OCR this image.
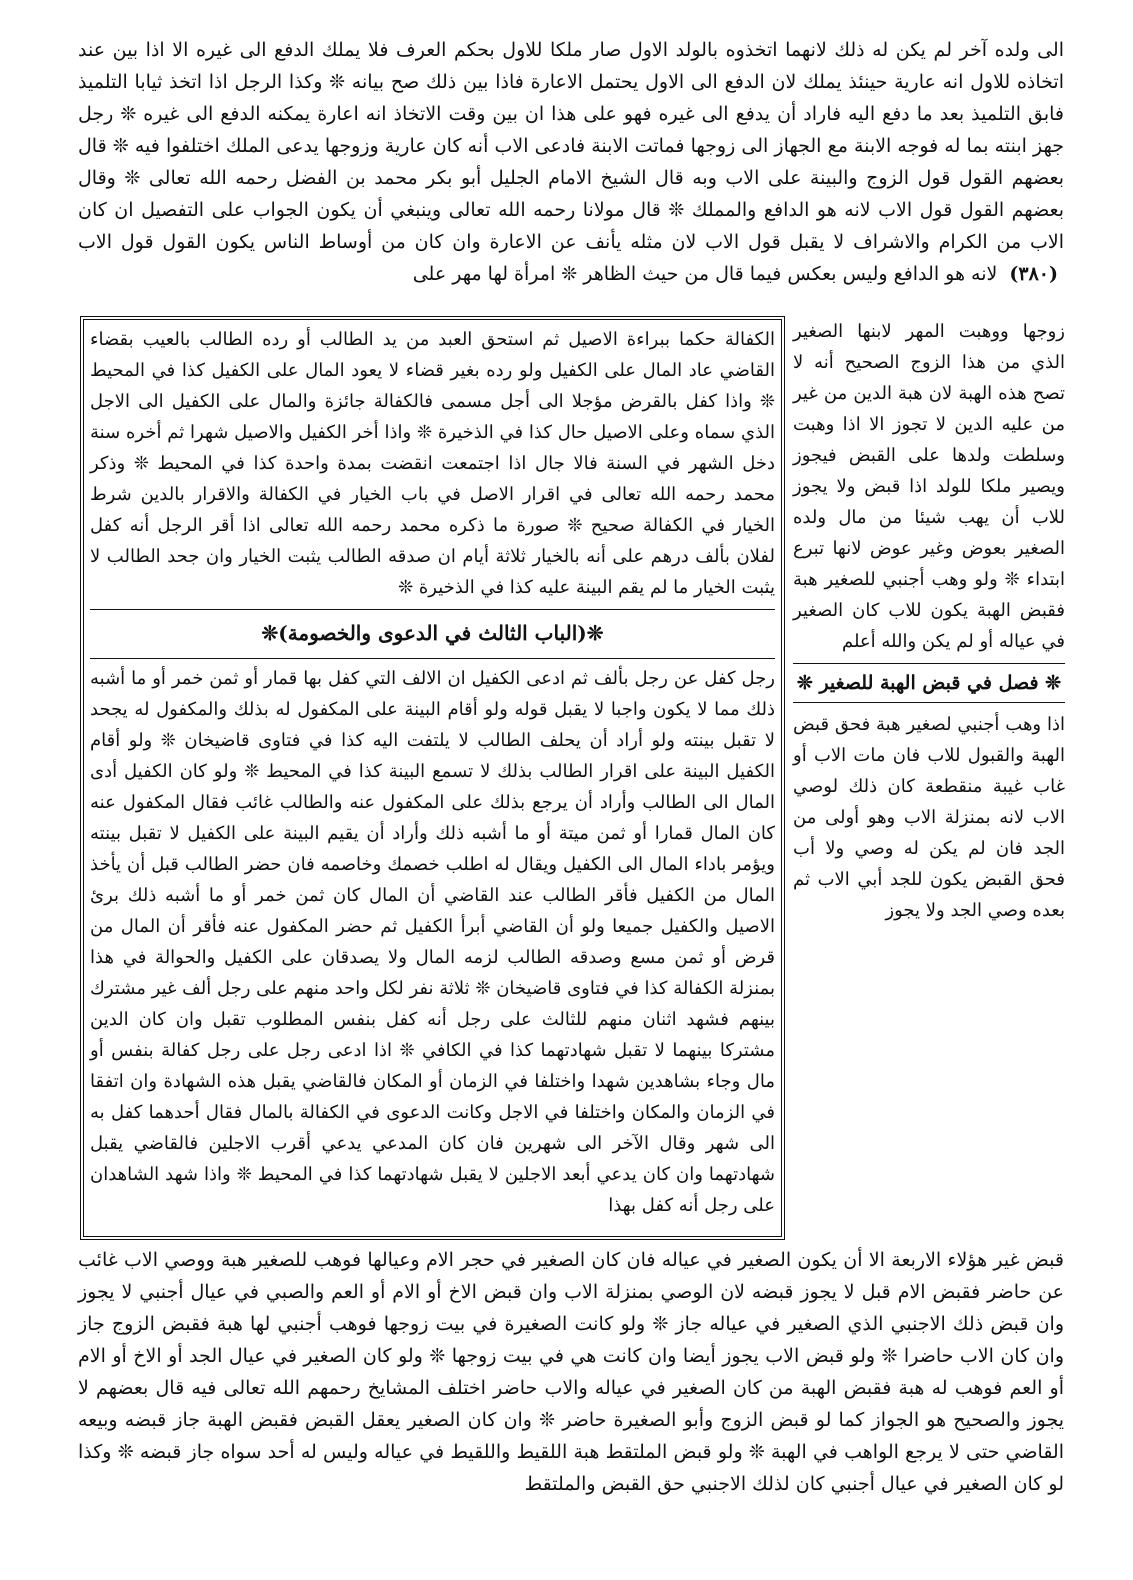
الى ولده آخر لم يكن له ذلك لانهما اتخذوه بالولد الاول صار ملكا للاول بحكم العرف فلا يملك الدفع الى غيره الا اذا بين عند اتخاذه للاول انه عارية حينئذ يملك لان الدفع الى الاول يحتمل الاعارة فاذا بين ذلك صح بيانه ❊ وكذا الرجل اذا اتخذ ثيابا التلميذ فابق التلميذ بعد ما دفع اليه فاراد أن يدفع الى غيره فهو على هذا ان بين وقت الاتخاذ انه اعارة يمكنه الدفع الى غيره ❊ رجل جهز ابنته بما له فوجه الابنة مع الجهاز الى زوجها فماتت الابنة فادعى الاب أنه كان عارية وزوجها يدعى الملك اختلفوا فيه ❊ قال بعضهم القول قول الزوج والبينة على الاب وبه قال الشيخ الامام الجليل أبو بكر محمد بن الفضل رحمه الله تعالى ❊ وقال بعضهم القول قول الاب لانه هو الدافع والمملك ❊ قال مولانا رحمه الله تعالى وينبغي أن يكون الجواب على التفصيل ان كان الاب من الكرام والاشراف لا يقبل قول الاب لان مثله يأنف عن الاعارة وان كان من أوساط الناس يكون القول قول الاب (٣٨٠) لانه هو الدافع وليس بعكس فيما قال من حيث الظاهر ❊ امرأة لها مهر على
الكفالة حكما ببراءة الاصيل ثم استحق العبد من يد الطالب أو رده الطالب بالعيب بقضاء القاضي عاد المال على الكفيل ولو رده بغير قضاء لا يعود المال على الكفيل كذا في المحيط ❊ واذا كفل بالقرض مؤجلا الى أجل مسمى فالكفالة جائزة والمال على الكفيل الى الاجل الذي سماه وعلى الاصيل حال كذا في الذخيرة ❊ واذا أخر الكفيل والاصيل شهرا ثم أخره سنة دخل الشهر في السنة فالا جال اذا اجتمعت انقضت بمدة واحدة كذا في المحيط ❊ وذكر محمد رحمه الله تعالى في اقرار الاصل في باب الخيار في الكفالة والاقرار بالدين شرط الخيار في الكفالة صحيح ❊ صورة ما ذكره محمد رحمه الله تعالى اذا أقر الرجل أنه كفل لفلان بألف درهم على أنه بالخيار ثلاثة أيام ان صدقه الطالب يثبت الخيار وان جحد الطالب لا يثبت الخيار ما لم يقم البينة عليه كذا في الذخيرة ❊
❊(الباب الثالث في الدعوى والخصومة)❊
رجل كفل عن رجل بألف ثم ادعى الكفيل ان الالف التي كفل بها قمار أو ثمن خمر أو ما أشبه ذلك مما لا يكون واجبا لا يقبل قوله ولو أقام البينة على المكفول له بذلك والمكفول له يجحد لا تقبل بينته ولو أراد أن يحلف الطالب لا يلتفت اليه كذا في فتاوى قاضيخان ❊ ولو أقام الكفيل البينة على اقرار الطالب بذلك لا تسمع البينة كذا في المحيط ❊ ولو كان الكفيل أدى المال الى الطالب وأراد أن يرجع بذلك على المكفول عنه والطالب غائب فقال المكفول عنه كان المال قمارا أو ثمن ميتة أو ما أشبه ذلك وأراد أن يقيم البينة على الكفيل لا تقبل بينته ويؤمر باداء المال الى الكفيل ويقال له اطلب خصمك وخاصمه فان حضر الطالب قبل أن يأخذ المال من الكفيل فأقر الطالب عند القاضي أن المال كان ثمن خمر أو ما أشبه ذلك برئ الاصيل والكفيل جميعا ولو أن القاضي أبرأ الكفيل ثم حضر المكفول عنه فأقر أن المال من قرض أو ثمن مسع وصدقه الطالب لزمه المال ولا يصدقان على الكفيل والحوالة في هذا بمنزلة الكفالة كذا في فتاوى قاضيخان ❊ ثلاثة نفر لكل واحد منهم على رجل ألف غير مشترك بينهم فشهد اثنان منهم للثالث على رجل أنه كفل بنفس المطلوب تقبل وان كان الدين مشتركا بينهما لا تقبل شهادتهما كذا في الكافي ❊ اذا ادعى رجل على رجل كفالة بنفس أو مال وجاء بشاهدين شهدا واختلفا في الزمان أو المكان فالقاضي يقبل هذه الشهادة وان اتفقا في الزمان والمكان واختلفا في الاجل وكانت الدعوى في الكفالة بالمال فقال أحدهما كفل به الى شهر وقال الآخر الى شهرين فان كان المدعي يدعي أقرب الاجلين فالقاضي يقبل شهادتهما وان كان يدعي أبعد الاجلين لا يقبل شهادتهما كذا في المحيط ❊ واذا شهد الشاهدان على رجل أنه كفل بهذا
زوجها ووهبت المهر لابنها الصغير الذي من هذا الزوج الصحيح أنه لا تصح هذه الهبة لان هبة الدين من غير من عليه الدين لا تجوز الا اذا وهبت وسلطت ولدها على القبض فيجوز ويصير ملكا للولد اذا قبض ولا يجوز للاب أن يهب شيئا من مال ولده الصغير بعوض وغير عوض لانها تبرع ابتداء ❊ ولو وهب أجنبي للصغير هبة فقبض الهبة يكون للاب كان الصغير في عياله أو لم يكن والله أعلم
❊ فصل في قبض الهبة للصغير ❊
اذا وهب أجنبي لصغير هبة فحق قبض الهبة والقبول للاب فان مات الاب أو غاب غيبة منقطعة كان ذلك لوصي الاب لانه بمنزلة الاب وهو أولى من الجد فان لم يكن له وصي ولا أب فحق القبض يكون للجد أبي الاب ثم بعده وصي الجد ولا يجوز
قبض غير هؤلاء الاربعة الا أن يكون الصغير في عياله فان كان الصغير في حجر الام وعيالها فوهب للصغير هبة ووصي الاب غائب عن حاضر فقبض الام قبل لا يجوز قبضه لان الوصي بمنزلة الاب وان قبض الاخ أو الام أو العم والصبي في عيال أجنبي لا يجوز وان قبض ذلك الاجنبي الذي الصغير في عياله جاز ❊ ولو كانت الصغيرة في بيت زوجها فوهب أجنبي لها هبة فقبض الزوج جاز وان كان الاب حاضرا ❊ ولو قبض الاب يجوز أيضا وان كانت هي في بيت زوجها ❊ ولو كان الصغير في عيال الجد أو الاخ أو الام أو العم فوهب له هبة فقبض الهبة من كان الصغير في عياله والاب حاضر اختلف المشايخ رحمهم الله تعالى فيه قال بعضهم لا يجوز والصحيح هو الجواز كما لو قبض الزوج وأبو الصغيرة حاضر ❊ وان كان الصغير يعقل القبض فقبض الهبة جاز قبضه وبيعه القاضي حتى لا يرجع الواهب في الهبة ❊ ولو قبض الملتقط هبة اللقيط واللقيط في عياله وليس له أحد سواه جاز قبضه ❊ وكذا لو كان الصغير في عيال أجنبي كان لذلك الاجنبي حق القبض والملتقط
